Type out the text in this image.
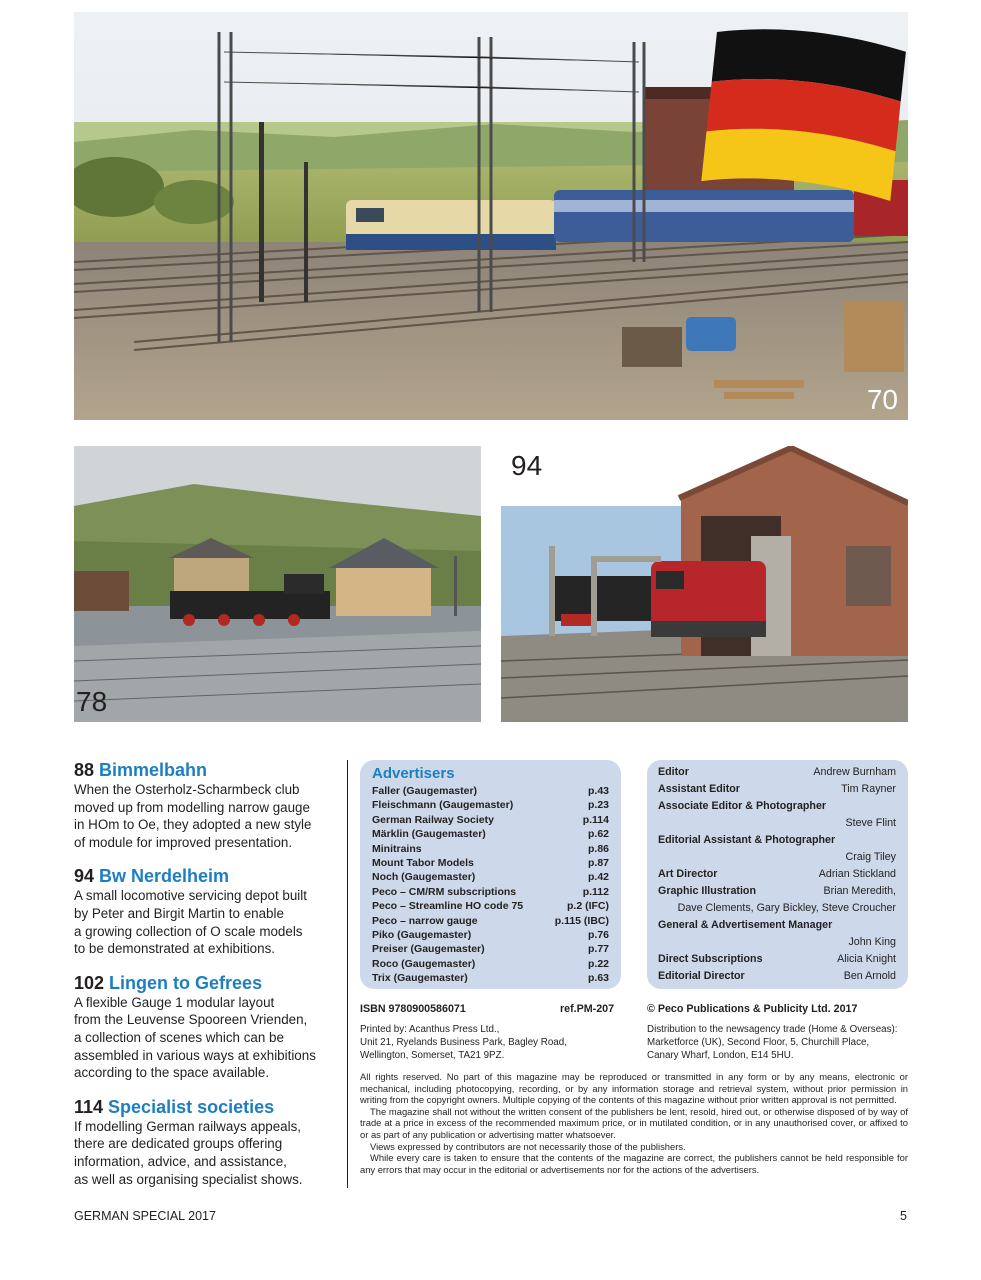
70
78
94

88 Bimmelbahn

When the Osterholz-Scharmbeck club
moved up from modelling narrow gauge
in HOm to Oe, they adopted a new style
of module for improved presentation.

94 Bw Nerdelheim

A small locomotive servicing depot built
by Peter and Birgit Martin to enable
a growing collection of O scale models
to be demonstrated at exhibitions.

102 Lingen to Gefrees

A flexible Gauge 1 modular layout
from the Leuvense Spooreen Vrienden,
a collection of scenes which can be
assembled in various ways at exhibitions
according to the space available.

114 Specialist societies

If modelling German railways appeals,
there are dedicated groups offering
information, advice, and assistance,
as well as organising specialist shows.

Advertisers
Faller (Gaugemaster)	p.43
Fleischmann (Gaugemaster)	p.23
German Railway Society	p.114
Märklin (Gaugemaster)	p.62
Minitrains	p.86
Mount Tabor Models	p.87
Noch (Gaugemaster)	p.42
Peco – CM/RM subscriptions	p.112
Peco – Streamline HO code 75	p.2 (IFC)
Peco – narrow gauge	p.115 (IBC)
Piko (Gaugemaster)	p.76
Preiser (Gaugemaster)	p.77
Roco (Gaugemaster)	p.22
Trix (Gaugemaster)	p.63
Editor	Andrew Burnham
Assistant Editor	Tim Rayner
Associate Editor & Photographer
Steve Flint
Editorial Assistant & Photographer
Craig Tiley
Art Director	Adrian Stickland
Graphic Illustration	Brian Meredith,
Dave Clements, Gary Bickley, Steve Croucher
General & Advertisement Manager
John King
Direct Subscriptions	Alicia Knight
Editorial Director	Ben Arnold
ISBN 9780900586071	ref.PM-207	© Peco Publications & Publicity Ltd. 2017
Printed by: Acanthus Press Ltd.,
Unit 21, Ryelands Business Park, Bagley Road,
Wellington, Somerset, TA21 9PZ.
Distribution to the newsagency trade (Home & Overseas):
Marketforce (UK), Second Floor, 5, Churchill Place,
Canary Wharf, London, E14 5HU.

All rights reserved. No part of this magazine may be reproduced or transmitted in any form or by any means, electronic or mechanical, including photocopying, recording, or by any information storage and retrieval system, without prior permission in writing from the copyright owners. Multiple copying of the contents of this magazine without prior written approval is not permitted.

The magazine shall not without the written consent of the publishers be lent, resold, hired out, or otherwise disposed of by way of trade at a price in excess of the recommended maximum price, or in mutilated condition, or in any unauthorised cover, or affixed to or as part of any publication or advertising matter whatsoever.

Views expressed by contributors are not necessarily those of the publishers.

While every care is taken to ensure that the contents of the magazine are correct, the publishers cannot be held responsible for any errors that may occur in the editorial or advertisements nor for the actions of the advertisers.

GERMAN SPECIAL 2017	5
